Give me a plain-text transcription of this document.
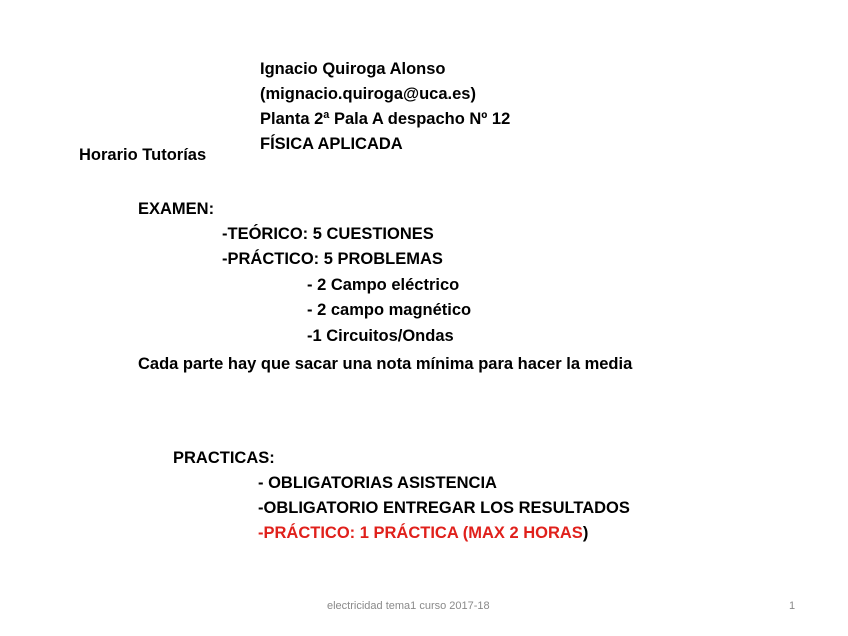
Ignacio Quiroga Alonso
(mignacio.quiroga@uca.es)
Planta 2ª Pala A despacho Nº 12
FÍSICA APLICADA
Horario Tutorías
EXAMEN:
-TEÓRICO: 5 CUESTIONES
-PRÁCTICO: 5 PROBLEMAS
- 2 Campo eléctrico
- 2 campo magnético
-1 Circuitos/Ondas
Cada parte hay que sacar una nota mínima para hacer la media
PRACTICAS:
- OBLIGATORIAS ASISTENCIA
-OBLIGATORIO ENTREGAR LOS RESULTADOS
-PRÁCTICO: 1 PRÁCTICA (MAX 2 HORAS)
electricidad tema1 curso 2017-18	1
